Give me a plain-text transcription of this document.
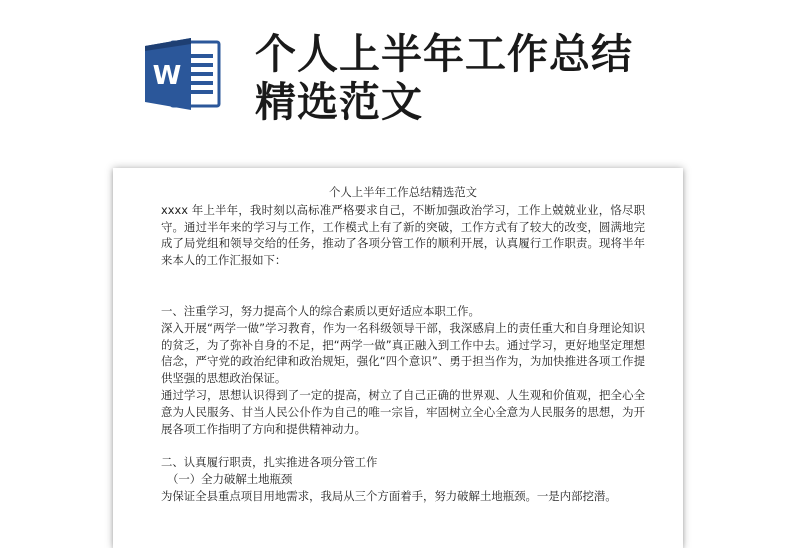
W 个人上半年工作总结
精选范文
个人上半年工作总结精选范文

xxxx 年上半年，我时刻以高标准严格要求自己，不断加强政治学习，工作上兢兢业业，恪尽职守。通过半年来的学习与工作，工作模式上有了新的突破，工作方式有了较大的改变，圆满地完成了局党组和领导交给的任务，推动了各项分管工作的顺利开展，认真履行工作职责。现将半年来本人的工作汇报如下：

一、注重学习，努力提高个人的综合素质以更好适应本职工作。

深入开展“两学一做”学习教育，作为一名科级领导干部，我深感肩上的责任重大和自身理论知识的贫乏，为了弥补自身的不足，把“两学一做”真正融入到工作中去。通过学习，更好地坚定理想信念，严守党的政治纪律和政治规矩，强化“四个意识”、勇于担当作为，为加快推进各项工作提供坚强的思想政治保证。

通过学习，思想认识得到了一定的提高，树立了自己正确的世界观、人生观和价值观，把全心全意为人民服务、甘当人民公仆作为自己的唯一宗旨，牢固树立全心全意为人民服务的思想，为开展各项工作指明了方向和提供精神动力。

二、认真履行职责，扎实推进各项分管工作

（一）全力破解土地瓶颈

为保证全县重点项目用地需求，我局从三个方面着手，努力破解土地瓶颈。一是内部挖潜。
